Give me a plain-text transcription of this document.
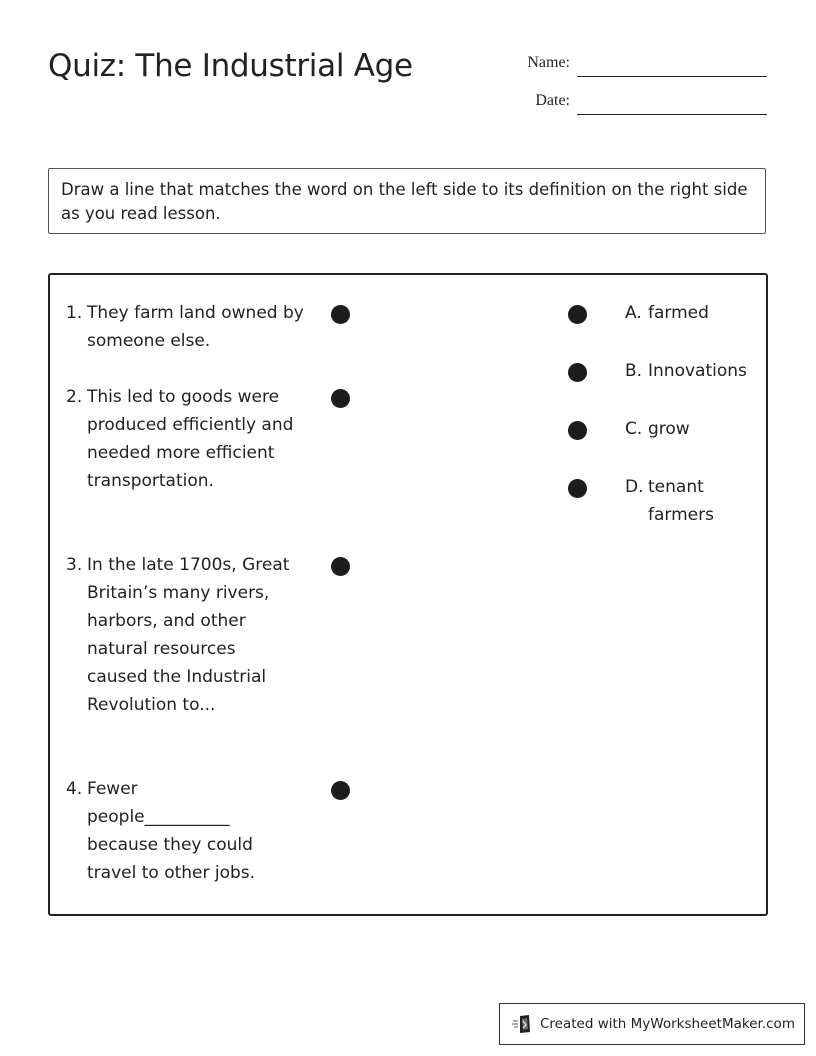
Quiz: The Industrial Age	Name:
Date:
Draw a line that matches the word on the left side to its definition on the right side as you read lesson.
1. They farm land owned by someone else.
2. This led to goods were produced efficiently and needed more efficient transportation.
3. In the late 1700s, Great Britain’s many rivers, harbors, and other natural resources caused the Industrial Revolution to...
4. Fewer people__________ because they could travel to other jobs.
A. farmed
B. Innovations
C. grow
D. tenant farmers
Created with MyWorksheetMaker.com
